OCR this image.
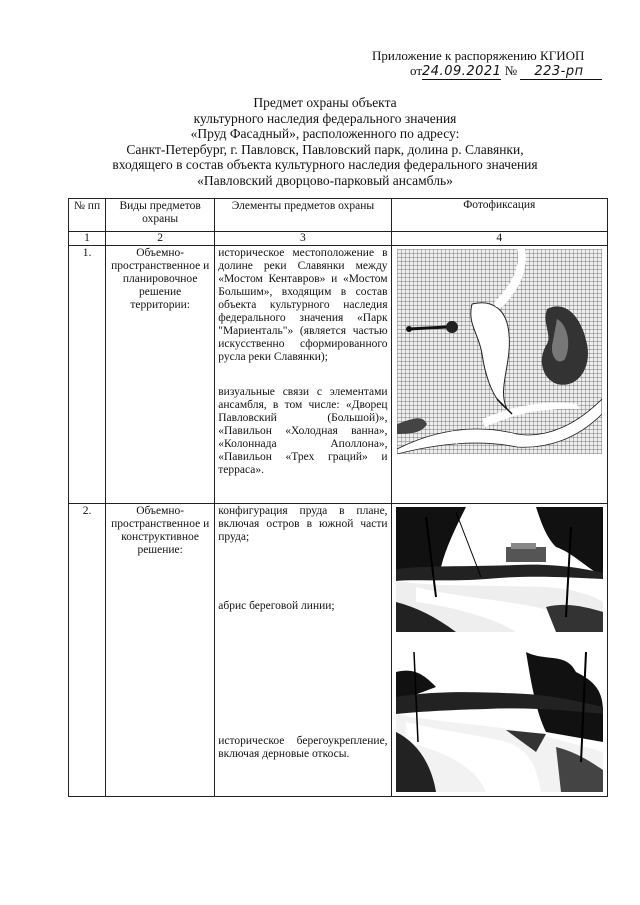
Приложение к распоряжению КГИОП
от24.09.2021 № 223-рп
Предмет охраны объекта
культурного наследия федерального значения
«Пруд Фасадный», расположенного по адресу:
Санкт-Петербург, г. Павловск, Павловский парк, долина р. Славянки,
входящего в состав объекта культурного наследия федерального значения
«Павловский дворцово-парковый ансамбль»
№ пп	Виды предметов охраны	Элементы предметов охраны	Фотофиксация
1	2	3	4
1.	Объемно-пространственное и планировочное решение территории:	историческое местоположение в долине реки Славянки между «Мостом Кентавров» и «Мостом Большим», входящим в состав объекта культурного наследия федерального значения «Парк "Мариенталь"» (является частью искусственно сформированного русла реки Славянки);
визуальные связи с элементами ансамбля, в том числе: «Дворец Павловский (Большой)», «Павильон «Холодная ванна», «Колоннада Аполлона», «Павильон «Трех граций» и терраса».

2.	Объемно-пространственное и конструктивное решение:	конфигурация пруда в плане, включая остров в южной части пруда;
абрис береговой линии;
историческое берегоукрепление, включая дерновые откосы.
